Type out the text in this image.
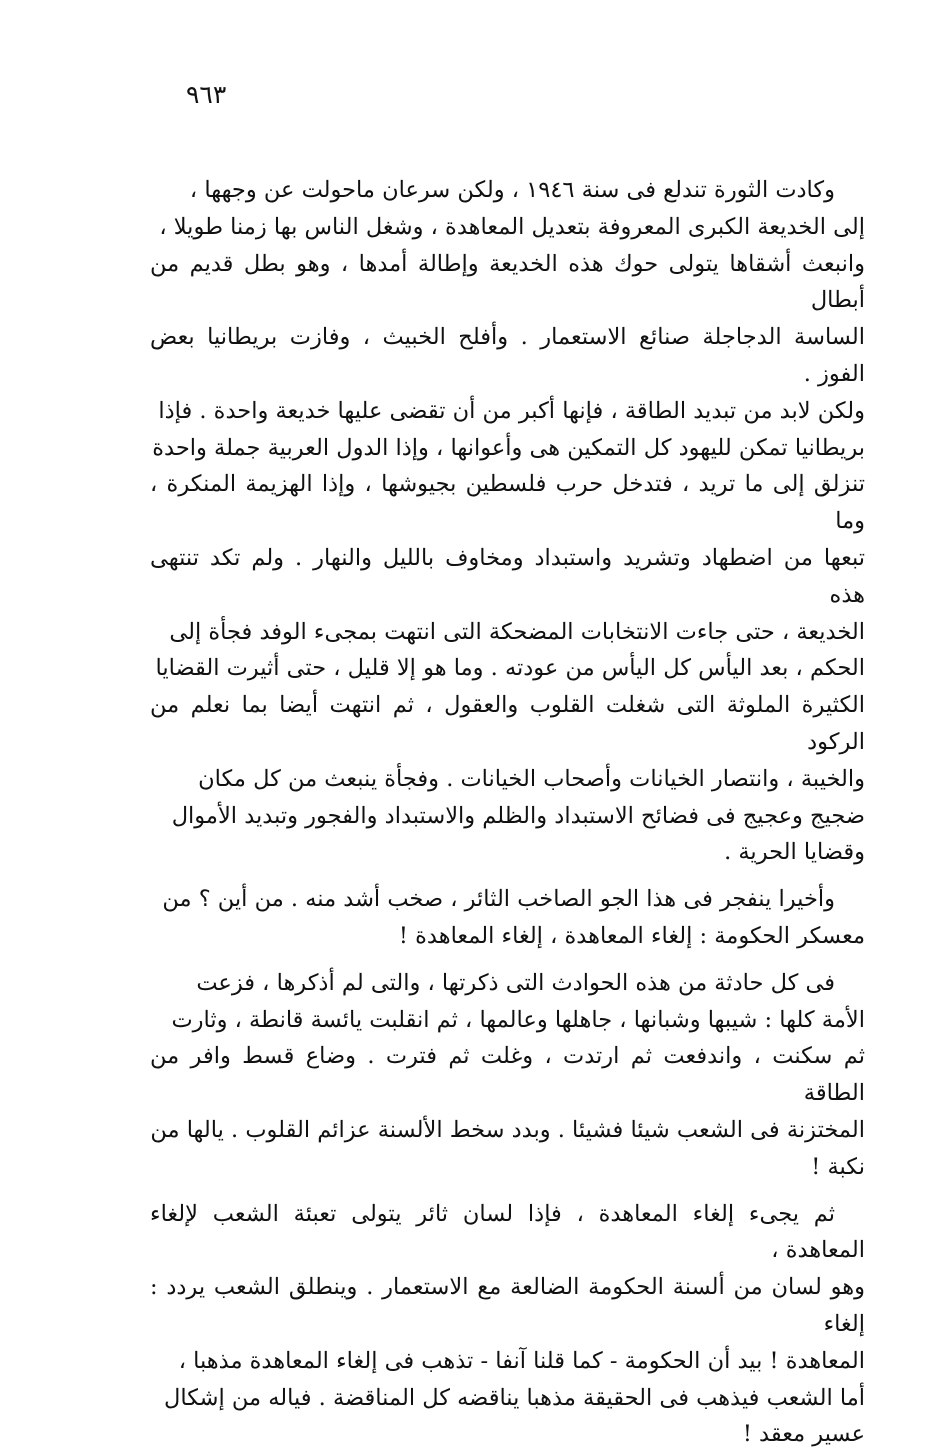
٩٦٣

وكادت الثورة تندلع فى سنة ١٩٤٦ ، ولكن سرعان ماحولت عن وجهها ،
إلى الخديعة الكبرى المعروفة بتعديل المعاهدة ، وشغل الناس بها زمنا طويلا ،
وانبعث أشقاها يتولى حوك هذه الخديعة وإطالة أمدها ، وهو بطل قديم من أبطال
الساسة الدجاجلة صنائع الاستعمار . وأفلح الخبيث ، وفازت بريطانيا بعض الفوز .
ولكن لابد من تبديد الطاقة ، فإنها أكبر من أن تقضى عليها خديعة واحدة . فإذا
بريطانيا تمكن لليهود كل التمكين هى وأعوانها ، وإذا الدول العربية جملة واحدة
تنزلق إلى ما تريد ، فتدخل حرب فلسطين بجيوشها ، وإذا الهزيمة المنكرة ، وما
تبعها من اضطهاد وتشريد واستبداد ومخاوف بالليل والنهار . ولم تكد تنتهى هذه
الخديعة ، حتى جاءت الانتخابات المضحكة التى انتهت بمجىء الوفد فجأة إلى
الحكم ، بعد اليأس كل اليأس من عودته . وما هو إلا قليل ، حتى أثيرت القضايا
الكثيرة الملوثة التى شغلت القلوب والعقول ، ثم انتهت أيضا بما نعلم من الركود
والخيبة ، وانتصار الخيانات وأصحاب الخيانات . وفجأة ينبعث من كل مكان
ضجيج وعجيج فى فضائح الاستبداد والظلم والاستبداد والفجور وتبديد الأموال
وقضايا الحرية .

وأخيرا ينفجر فى هذا الجو الصاخب الثائر ، صخب أشد منه . من أين ؟ من
معسكر الحكومة : إلغاء المعاهدة ، إلغاء المعاهدة !

فى كل حادثة من هذه الحوادث التى ذكرتها ، والتى لم أذكرها ، فزعت
الأمة كلها : شيبها وشبانها ، جاهلها وعالمها ، ثم انقلبت يائسة قانطة ، وثارت
ثم سكنت ، واندفعت ثم ارتدت ، وغلت ثم فترت . وضاع قسط وافر من الطاقة
المختزنة فى الشعب شيئا فشيئا . وبدد سخط الألسنة عزائم القلوب . يالها من
نكبة !

ثم يجىء إلغاء المعاهدة ، فإذا لسان ثائر يتولى تعبئة الشعب لإلغاء المعاهدة ،
وهو لسان من ألسنة الحكومة الضالعة مع الاستعمار . وينطلق الشعب يردد : إلغاء
المعاهدة ! بيد أن الحكومة - كما قلنا آنفا - تذهب فى إلغاء المعاهدة مذهبا ،
أما الشعب فيذهب فى الحقيقة مذهبا يناقضه كل المناقضة . فياله من إشكال
عسير معقد !
